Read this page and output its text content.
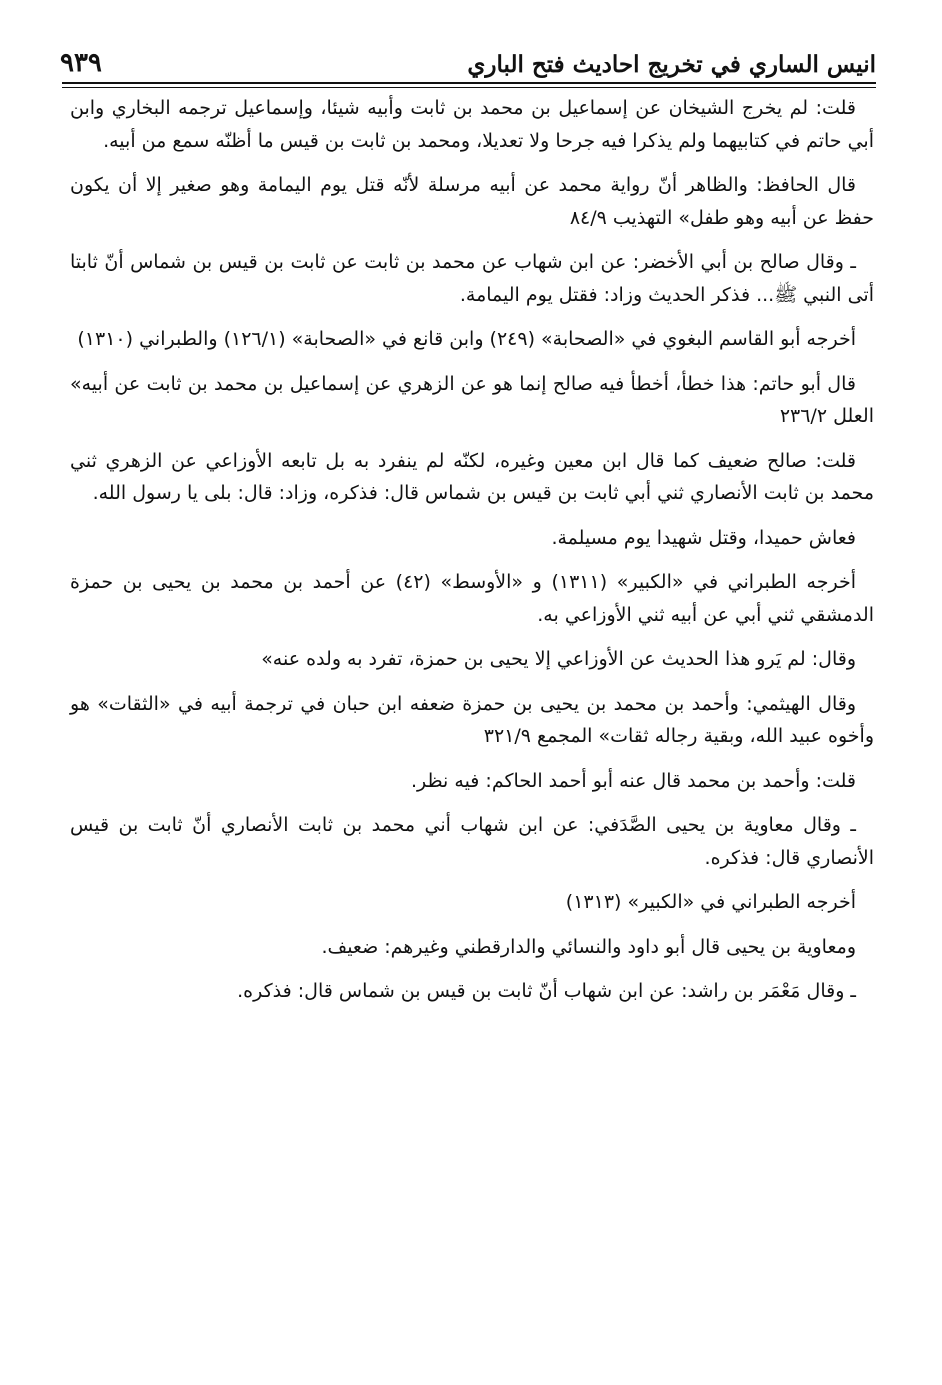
انيس الساري في تخريج احاديث فتح الباري
٩٣٩

قلت: لم يخرج الشيخان عن إسماعيل بن محمد بن ثابت وأبيه شيئا، وإسماعيل ترجمه البخاري وابن أبي حاتم في كتابيهما ولم يذكرا فيه جرحا ولا تعديلا، ومحمد بن ثابت بن قيس ما أظنّه سمع من أبيه.

قال الحافظ: والظاهر أنّ رواية محمد عن أبيه مرسلة لأنّه قتل يوم اليمامة وهو صغير إلا أن يكون حفظ عن أبيه وهو طفل» التهذيب ٨٤/٩

ـ وقال صالح بن أبي الأخضر: عن ابن شهاب عن محمد بن ثابت عن ثابت بن قيس بن شماس أنّ ثابتا أتى النبي ﷺ... فذكر الحديث وزاد: فقتل يوم اليمامة.

أخرجه أبو القاسم البغوي في «الصحابة» (٢٤٩) وابن قانع في «الصحابة» (١٢٦/١) والطبراني (١٣١٠)

قال أبو حاتم: هذا خطأ، أخطأ فيه صالح إنما هو عن الزهري عن إسماعيل بن محمد بن ثابت عن أبيه» العلل ٢٣٦/٢

قلت: صالح ضعيف كما قال ابن معين وغيره، لكنّه لم ينفرد به بل تابعه الأوزاعي عن الزهري ثني محمد بن ثابت الأنصاري ثني أبي ثابت بن قيس بن شماس قال: فذكره، وزاد: قال: بلى يا رسول الله.

فعاش حميدا، وقتل شهيدا يوم مسيلمة.

أخرجه الطبراني في «الكبير» (١٣١١) و «الأوسط» (٤٢) عن أحمد بن محمد بن يحيى بن حمزة الدمشقي ثني أبي عن أبيه ثني الأوزاعي به.

وقال: لم يَرو هذا الحديث عن الأوزاعي إلا يحيى بن حمزة، تفرد به ولده عنه»

وقال الهيثمي: وأحمد بن محمد بن يحيى بن حمزة ضعفه ابن حبان في ترجمة أبيه في «الثقات» هو وأخوه عبيد الله، وبقية رجاله ثقات» المجمع ٣٢١/٩

قلت: وأحمد بن محمد قال عنه أبو أحمد الحاكم: فيه نظر.

ـ وقال معاوية بن يحيى الصَّدَفي: عن ابن شهاب أني محمد بن ثابت الأنصاري أنّ ثابت بن قيس الأنصاري قال: فذكره.

أخرجه الطبراني في «الكبير» (١٣١٣)

ومعاوية بن يحيى قال أبو داود والنسائي والدارقطني وغيرهم: ضعيف.

ـ وقال مَعْمَر بن راشد: عن ابن شهاب أنّ ثابت بن قيس بن شماس قال: فذكره.
